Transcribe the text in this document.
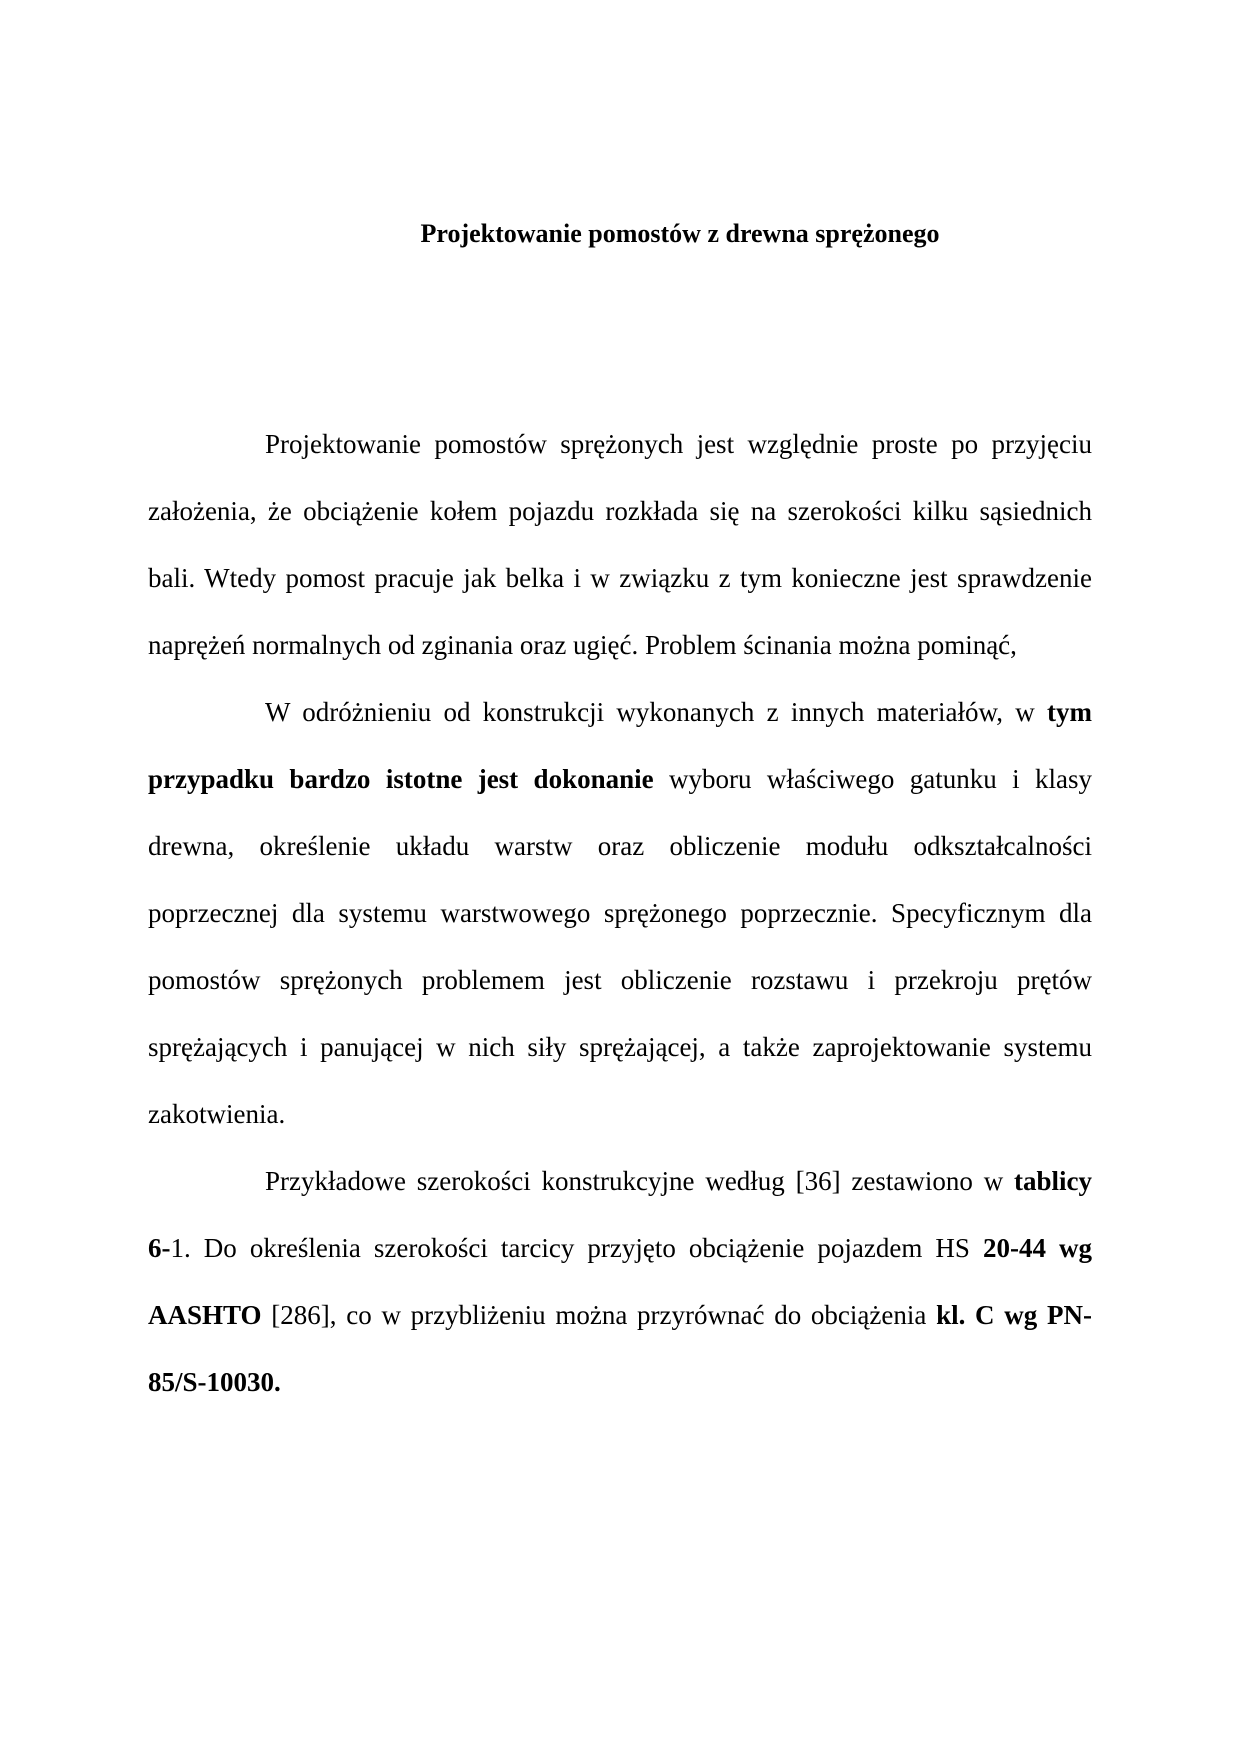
Projektowanie pomostów z drewna sprężonego

Projektowanie pomostów sprężonych jest względnie proste po przyjęciu założenia, że obciążenie kołem pojazdu rozkłada się na szerokości kilku sąsiednich bali. Wtedy pomost pracuje jak belka i w związku z tym konieczne jest sprawdzenie naprężeń normalnych od zginania oraz ugięć. Problem ścinania można pominąć,

W odróżnieniu od konstrukcji wykonanych z innych materiałów, w tym przypadku bardzo istotne jest dokonanie wyboru właściwego gatunku i klasy drewna, określenie układu warstw oraz obliczenie modułu odkształcalności poprzecznej dla systemu warstwowego sprężonego poprzecznie. Specyficznym dla pomostów sprężonych problemem jest obliczenie rozstawu i przekroju prętów sprężających i panującej w nich siły sprężającej, a także zaprojektowanie systemu zakotwienia.

Przykładowe szerokości konstrukcyjne według [36] zestawiono w tablicy 6-1. Do określenia szerokości tarcicy przyjęto obciążenie pojazdem HS 20-44 wg AASHTO [286], co w przybliżeniu można przyrównać do obciążenia kl. C wg PN-85/S-10030.
